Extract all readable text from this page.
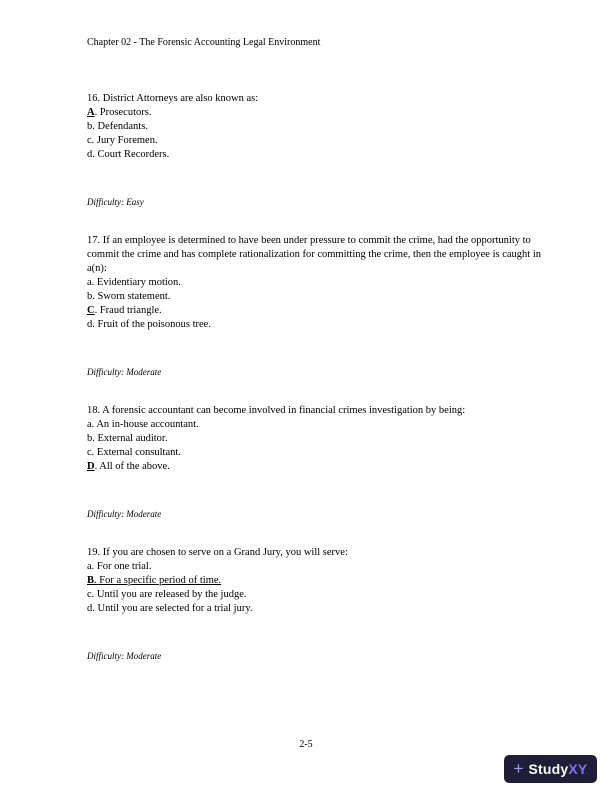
Chapter 02 - The Forensic Accounting Legal Environment
16. District Attorneys are also known as:
A. Prosecutors.
b. Defendants.
c. Jury Foremen.
d. Court Recorders.
Difficulty: Easy
17. If an employee is determined to have been under pressure to commit the crime, had the opportunity to commit the crime and has complete rationalization for committing the crime, then the employee is caught in a(n):
a. Evidentiary motion.
b. Sworn statement.
C. Fraud triangle.
d. Fruit of the poisonous tree.
Difficulty: Moderate
18. A forensic accountant can become involved in financial crimes investigation by being:
a. An in-house accountant.
b. External auditor.
c. External consultant.
D. All of the above.
Difficulty: Moderate
19. If you are chosen to serve on a Grand Jury, you will serve:
a. For one trial.
B. For a specific period of time.
c. Until you are released by the judge.
d. Until you are selected for a trial jury.
Difficulty: Moderate
2-5
+ StudyXY
